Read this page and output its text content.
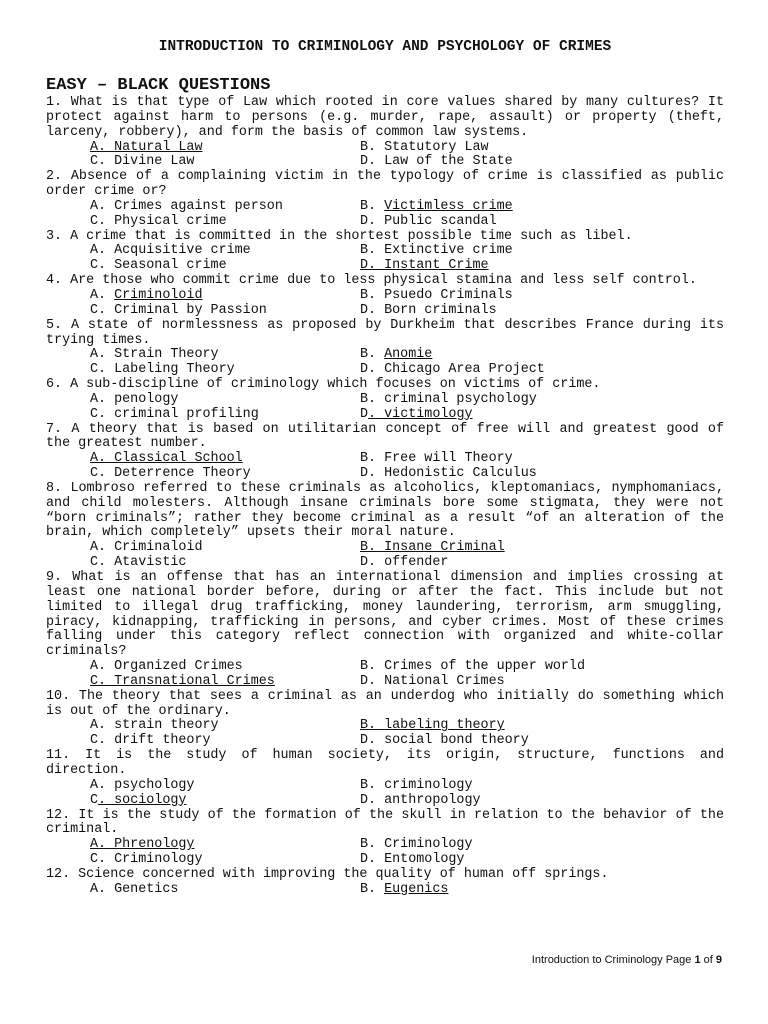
INTRODUCTION TO CRIMINOLOGY AND PSYCHOLOGY OF CRIMES
EASY – BLACK QUESTIONS
1. What is that type of Law which rooted in core values shared by many cultures? It protect against harm to persons (e.g. murder, rape, assault) or property (theft, larceny, robbery), and form the basis of common law systems.
A. Natural Law	B. Statutory Law
C. Divine Law	D. Law of the State
2. Absence of a complaining victim in the typology of crime is classified as public order crime or?
A. Crimes against person	B. Victimless crime
C. Physical crime	D. Public scandal
3. A crime that is committed in the shortest possible time such as libel.
A. Acquisitive crime	B. Extinctive crime
C. Seasonal crime	D. Instant Crime
4. Are those who commit crime due to less physical stamina and less self control.
A. Criminoloid	B. Psuedo Criminals
C. Criminal by Passion	D. Born criminals
5. A state of normlessness as proposed by Durkheim that describes France during its trying times.
A. Strain Theory	B. Anomie
C. Labeling Theory	D. Chicago Area Project
6. A sub-discipline of criminology which focuses on victims of crime.
A. penology	B. criminal psychology
C. criminal profiling	D. victimology
7. A theory that is based on utilitarian concept of free will and greatest good of the greatest number.
A. Classical School	B. Free will Theory
C. Deterrence Theory	D. Hedonistic Calculus
8. Lombroso referred to these criminals as alcoholics, kleptomaniacs, nymphomaniacs, and child molesters. Although insane criminals bore some stigmata, they were not “born criminals”; rather they become criminal as a result “of an alteration of the brain, which completely” upsets their moral nature.
A. Criminaloid	B. Insane Criminal
C. Atavistic	D. offender
9. What is an offense that has an international dimension and implies crossing at least one national border before, during or after the fact. This include but not limited to illegal drug trafficking, money laundering, terrorism, arm smuggling, piracy, kidnapping, trafficking in persons, and cyber crimes. Most of these crimes falling under this category reflect connection with organized and white-collar criminals?
A. Organized Crimes	B. Crimes of the upper world
C. Transnational Crimes	D. National Crimes
10. The theory that sees a criminal as an underdog who initially do something which is out of the ordinary.
A. strain theory	B. labeling theory
C. drift theory	D. social bond theory
11. It is the study of human society, its origin, structure, functions and direction.
A. psychology	B. criminology
C. sociology	D. anthropology
12. It is the study of the formation of the skull in relation to the behavior of the criminal.
A. Phrenology	B. Criminology
C. Criminology	D. Entomology
12. Science concerned with improving the quality of human off springs.
A. Genetics	B. Eugenics
Introduction to Criminology Page 1 of 9
